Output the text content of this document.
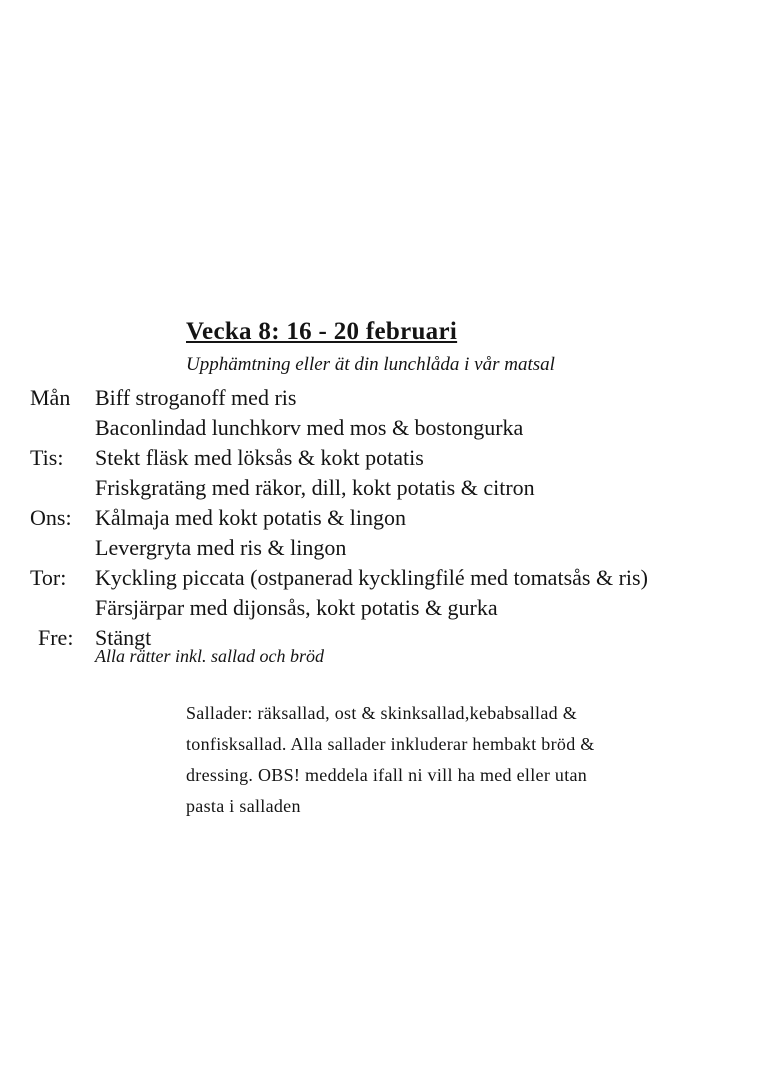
Vecka 8: 16 - 20 februari
Upphämtning eller ät din lunchlåda i vår matsal
Mån	Biff stroganoff med ris
Baconlindad lunchkorv med mos & bostongurka
Tis:	Stekt fläsk med löksås & kokt potatis
Friskgratäng med räkor, dill, kokt potatis & citron
Ons:	Kålmaja med kokt potatis & lingon
Levergryta med ris & lingon
Tor:	Kyckling piccata (ostpanerad kycklingfilé med tomatsås & ris)
Färsjärpar med dijonsås, kokt potatis & gurka
Fre: Stängt
Alla rätter inkl. sallad och bröd
Sallader: räksallad, ost & skinksallad,kebabsallad &
tonfisksallad. Alla sallader inkluderar hembakt bröd &
dressing. OBS! meddela ifall ni vill ha med eller utan
pasta i salladen
